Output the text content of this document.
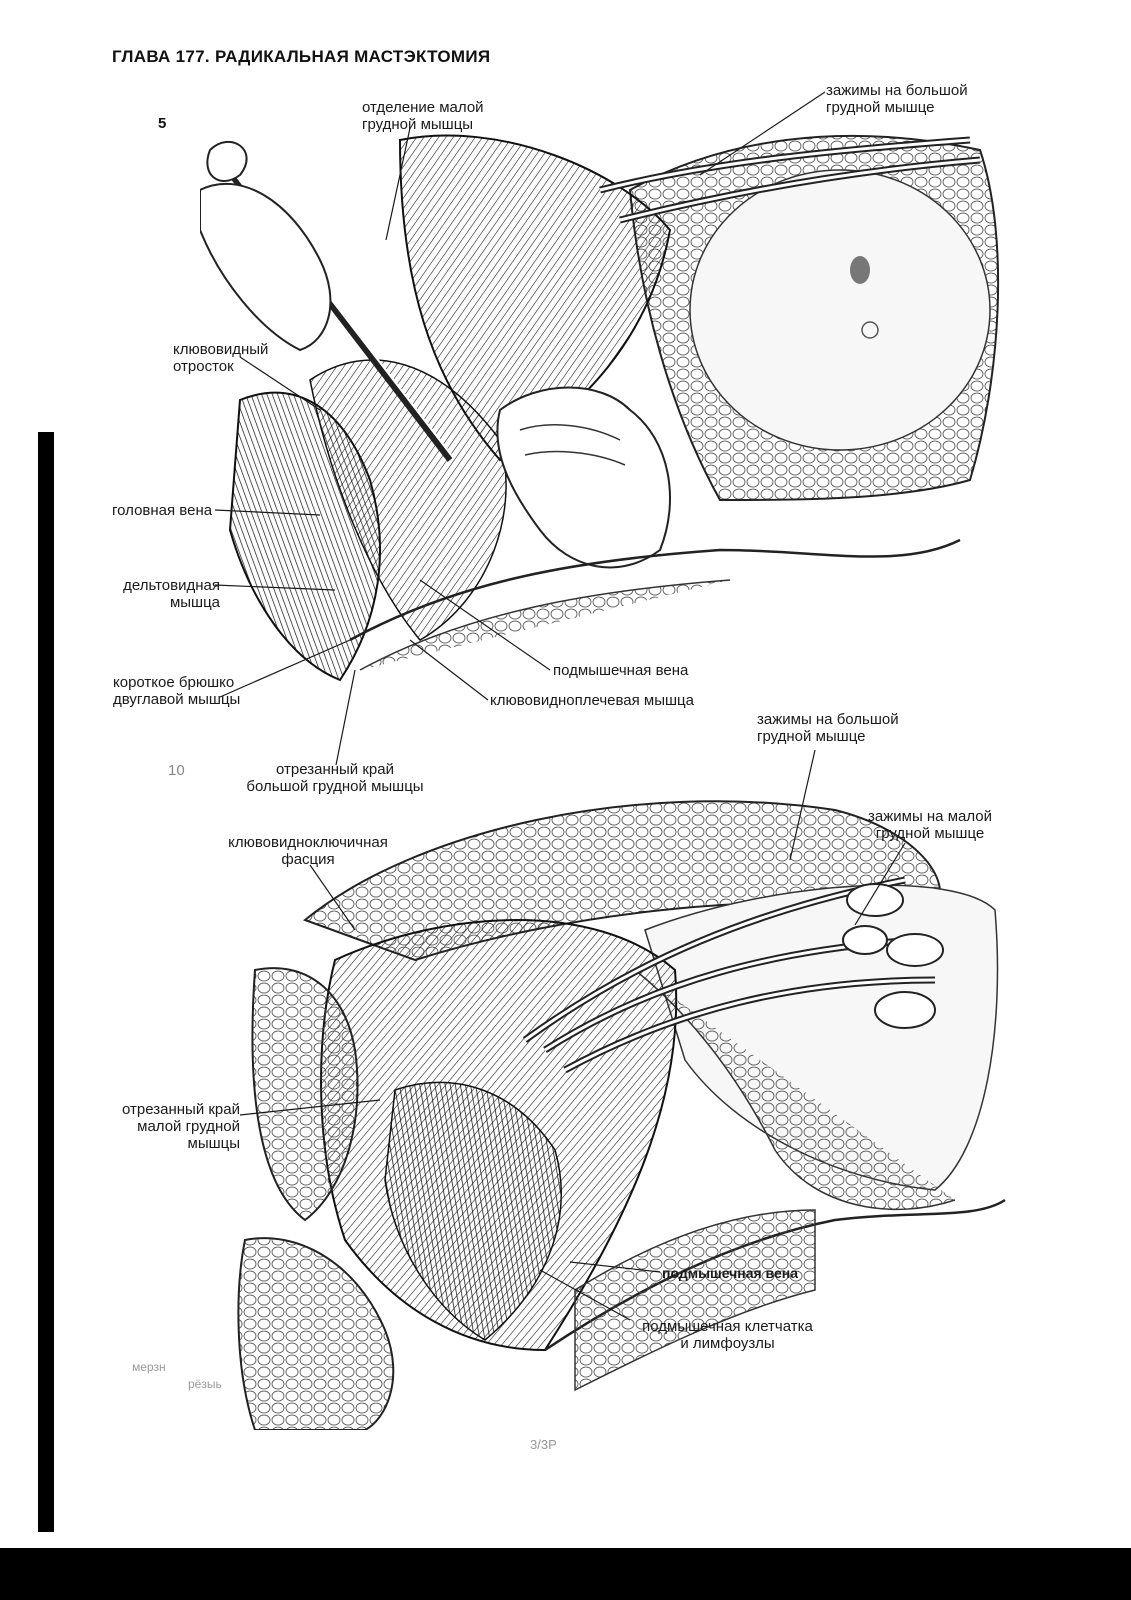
ГЛАВА 177. РАДИКАЛЬНАЯ МАСТЭКТОМИЯ
5
отделение малой
грудной мышцы
зажимы на большой
грудной мышце
клювовидный
отросток
головная вена
дельтовидная
мышца
короткое брюшко
двуглавой мышцы
подмышечная вена
клювовидноплечевая мышца
отрезанный край
большой грудной мышцы
10
зажимы на большой
грудной мышце
зажимы на малой
грудной мышце
клювовидноключичная
фасция
отрезанный край
малой грудной
мышцы
подмышечная вена
подмышечная клетчатка
и лимфоузлы
мерзн
рёзыь
3/3P
